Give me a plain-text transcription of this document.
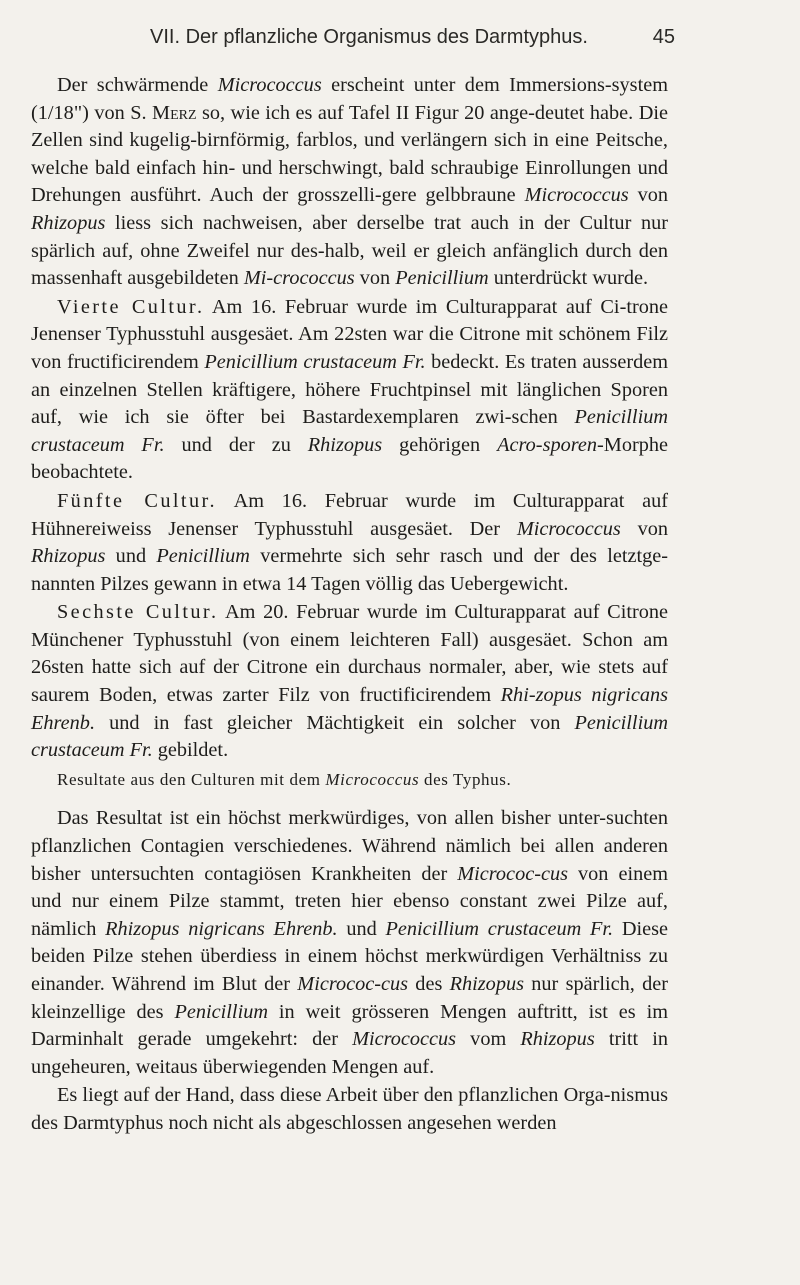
VII. Der pflanzliche Organismus des Darmtyphus.	45

Der schwärmende Micrococcus erscheint unter dem Immersions-system (1/18") von S. Merz so, wie ich es auf Tafel II Figur 20 ange-deutet habe. Die Zellen sind kugelig-birnförmig, farblos, und verlängern sich in eine Peitsche, welche bald einfach hin- und herschwingt, bald schraubige Einrollungen und Drehungen ausführt. Auch der grosszelli-gere gelbbraune Micrococcus von Rhizopus liess sich nachweisen, aber derselbe trat auch in der Cultur nur spärlich auf, ohne Zweifel nur des-halb, weil er gleich anfänglich durch den massenhaft ausgebildeten Mi-crococcus von Penicillium unterdrückt wurde.

Vierte Cultur. Am 16. Februar wurde im Culturapparat auf Ci-trone Jenenser Typhusstuhl ausgesäet. Am 22sten war die Citrone mit schönem Filz von fructificirendem Penicillium crustaceum Fr. bedeckt. Es traten ausserdem an einzelnen Stellen kräftigere, höhere Fruchtpinsel mit länglichen Sporen auf, wie ich sie öfter bei Bastardexemplaren zwi-schen Penicillium crustaceum Fr. und der zu Rhizopus gehörigen Acro-sporen-Morphe beobachtete.

Fünfte Cultur. Am 16. Februar wurde im Culturapparat auf Hühnereiweiss Jenenser Typhusstuhl ausgesäet. Der Micrococcus von Rhizopus und Penicillium vermehrte sich sehr rasch und der des letztge-nannten Pilzes gewann in etwa 14 Tagen völlig das Uebergewicht.

Sechste Cultur. Am 20. Februar wurde im Culturapparat auf Citrone Münchener Typhusstuhl (von einem leichteren Fall) ausgesäet. Schon am 26sten hatte sich auf der Citrone ein durchaus normaler, aber, wie stets auf saurem Boden, etwas zarter Filz von fructificirendem Rhi-zopus nigricans Ehrenb. und in fast gleicher Mächtigkeit ein solcher von Penicillium crustaceum Fr. gebildet.

Resultate aus den Culturen mit dem Micrococcus des Typhus.

Das Resultat ist ein höchst merkwürdiges, von allen bisher unter-suchten pflanzlichen Contagien verschiedenes. Während nämlich bei allen anderen bisher untersuchten contagiösen Krankheiten der Micrococ-cus von einem und nur einem Pilze stammt, treten hier ebenso constant zwei Pilze auf, nämlich Rhizopus nigricans Ehrenb. und Penicillium crustaceum Fr. Diese beiden Pilze stehen überdiess in einem höchst merkwürdigen Verhältniss zu einander. Während im Blut der Micrococ-cus des Rhizopus nur spärlich, der kleinzellige des Penicillium in weit grösseren Mengen auftritt, ist es im Darminhalt gerade umgekehrt: der Micrococcus vom Rhizopus tritt in ungeheuren, weitaus überwiegenden Mengen auf.

Es liegt auf der Hand, dass diese Arbeit über den pflanzlichen Orga-nismus des Darmtyphus noch nicht als abgeschlossen angesehen werden
